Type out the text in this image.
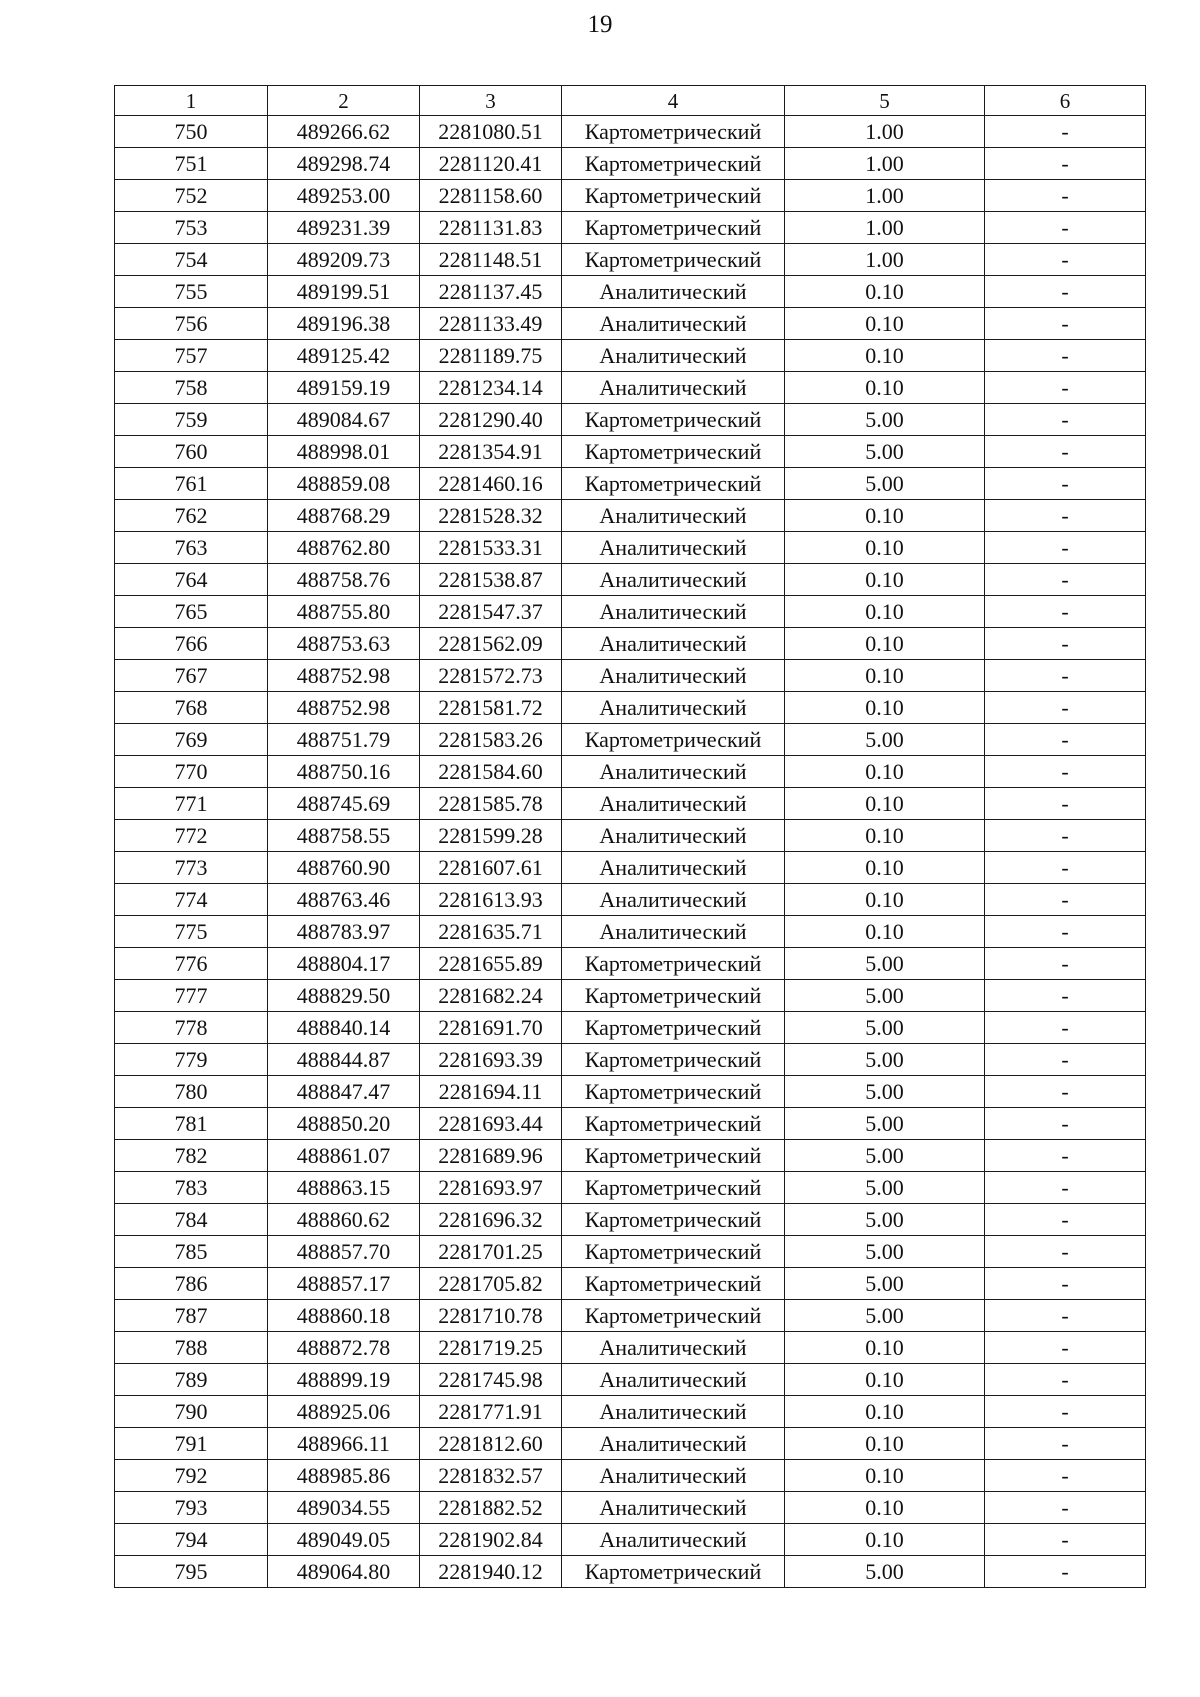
19
1	2	3	4	5	6
750	489266.62	2281080.51	Картометрический	1.00	-
751	489298.74	2281120.41	Картометрический	1.00	-
752	489253.00	2281158.60	Картометрический	1.00	-
753	489231.39	2281131.83	Картометрический	1.00	-
754	489209.73	2281148.51	Картометрический	1.00	-
755	489199.51	2281137.45	Аналитический	0.10	-
756	489196.38	2281133.49	Аналитический	0.10	-
757	489125.42	2281189.75	Аналитический	0.10	-
758	489159.19	2281234.14	Аналитический	0.10	-
759	489084.67	2281290.40	Картометрический	5.00	-
760	488998.01	2281354.91	Картометрический	5.00	-
761	488859.08	2281460.16	Картометрический	5.00	-
762	488768.29	2281528.32	Аналитический	0.10	-
763	488762.80	2281533.31	Аналитический	0.10	-
764	488758.76	2281538.87	Аналитический	0.10	-
765	488755.80	2281547.37	Аналитический	0.10	-
766	488753.63	2281562.09	Аналитический	0.10	-
767	488752.98	2281572.73	Аналитический	0.10	-
768	488752.98	2281581.72	Аналитический	0.10	-
769	488751.79	2281583.26	Картометрический	5.00	-
770	488750.16	2281584.60	Аналитический	0.10	-
771	488745.69	2281585.78	Аналитический	0.10	-
772	488758.55	2281599.28	Аналитический	0.10	-
773	488760.90	2281607.61	Аналитический	0.10	-
774	488763.46	2281613.93	Аналитический	0.10	-
775	488783.97	2281635.71	Аналитический	0.10	-
776	488804.17	2281655.89	Картометрический	5.00	-
777	488829.50	2281682.24	Картометрический	5.00	-
778	488840.14	2281691.70	Картометрический	5.00	-
779	488844.87	2281693.39	Картометрический	5.00	-
780	488847.47	2281694.11	Картометрический	5.00	-
781	488850.20	2281693.44	Картометрический	5.00	-
782	488861.07	2281689.96	Картометрический	5.00	-
783	488863.15	2281693.97	Картометрический	5.00	-
784	488860.62	2281696.32	Картометрический	5.00	-
785	488857.70	2281701.25	Картометрический	5.00	-
786	488857.17	2281705.82	Картометрический	5.00	-
787	488860.18	2281710.78	Картометрический	5.00	-
788	488872.78	2281719.25	Аналитический	0.10	-
789	488899.19	2281745.98	Аналитический	0.10	-
790	488925.06	2281771.91	Аналитический	0.10	-
791	488966.11	2281812.60	Аналитический	0.10	-
792	488985.86	2281832.57	Аналитический	0.10	-
793	489034.55	2281882.52	Аналитический	0.10	-
794	489049.05	2281902.84	Аналитический	0.10	-
795	489064.80	2281940.12	Картометрический	5.00	-
